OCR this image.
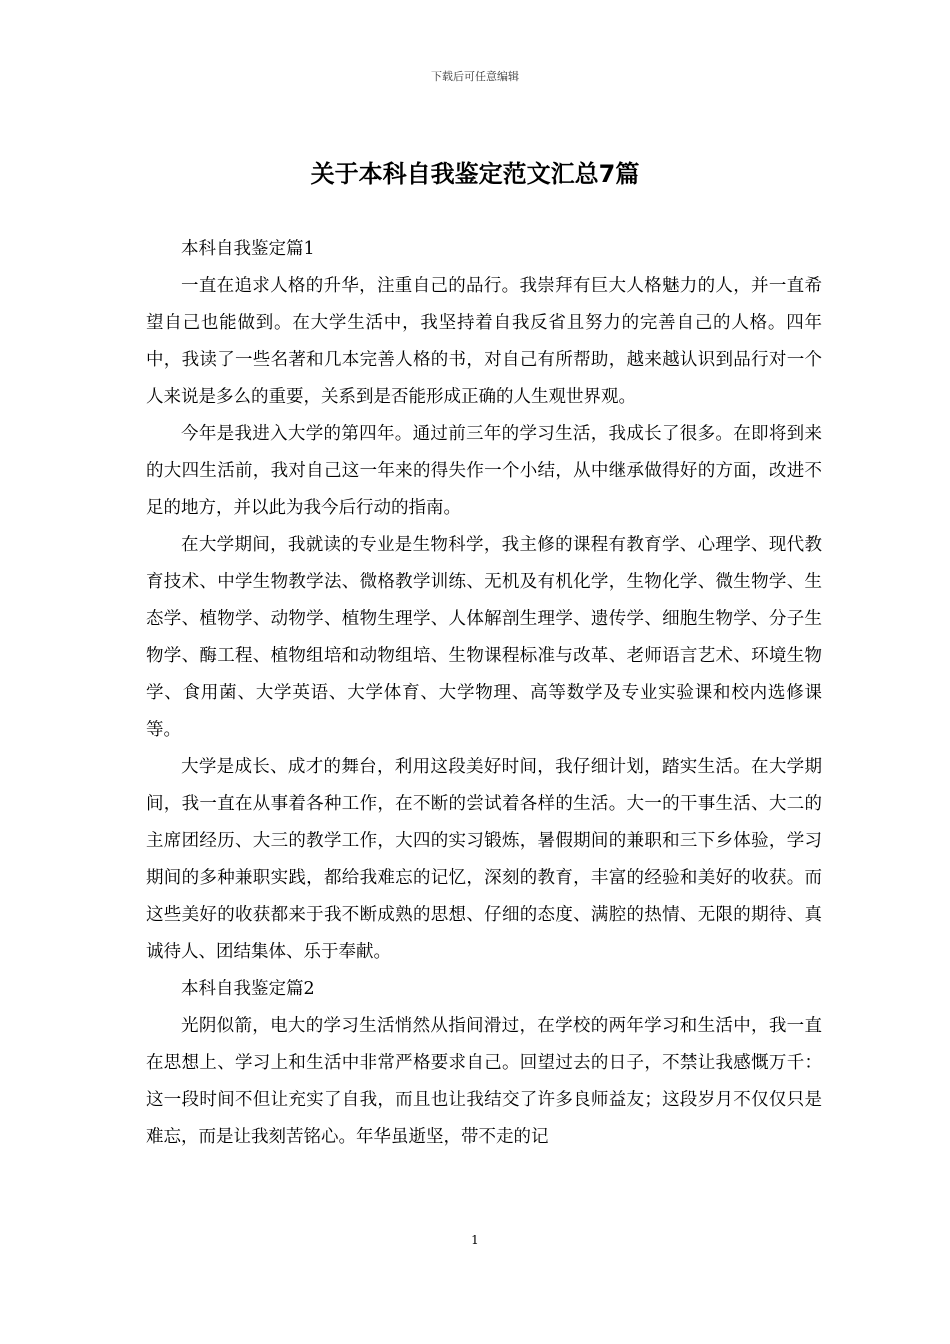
下载后可任意编辑
关于本科自我鉴定范文汇总7篇

本科自我鉴定篇1

一直在追求人格的升华，注重自己的品行。我崇拜有巨大人格魅力的人，并一直希望自己也能做到。在大学生活中，我坚持着自我反省且努力的完善自己的人格。四年中，我读了一些名著和几本完善人格的书，对自己有所帮助，越来越认识到品行对一个人来说是多么的重要，关系到是否能形成正确的人生观世界观。

今年是我进入大学的第四年。通过前三年的学习生活，我成长了很多。在即将到来的大四生活前，我对自己这一年来的得失作一个小结，从中继承做得好的方面，改进不足的地方，并以此为我今后行动的指南。

在大学期间，我就读的专业是生物科学，我主修的课程有教育学、心理学、现代教育技术、中学生物教学法、微格教学训练、无机及有机化学，生物化学、微生物学、生态学、植物学、动物学、植物生理学、人体解剖生理学、遗传学、细胞生物学、分子生物学、酶工程、植物组培和动物组培、生物课程标准与改革、老师语言艺术、环境生物学、食用菌、大学英语、大学体育、大学物理、高等数学及专业实验课和校内选修课等。

大学是成长、成才的舞台，利用这段美好时间，我仔细计划，踏实生活。在大学期间，我一直在从事着各种工作，在不断的尝试着各样的生活。大一的干事生活、大二的主席团经历、大三的教学工作，大四的实习锻炼，暑假期间的兼职和三下乡体验，学习期间的多种兼职实践，都给我难忘的记忆，深刻的教育，丰富的经验和美好的收获。而这些美好的收获都来于我不断成熟的思想、仔细的态度、满腔的热情、无限的期待、真诚待人、团结集体、乐于奉献。

本科自我鉴定篇2

光阴似箭，电大的学习生活悄然从指间滑过，在学校的两年学习和生活中，我一直在思想上、学习上和生活中非常严格要求自己。回望过去的日子，不禁让我感慨万千：这一段时间不但让充实了自我，而且也让我结交了许多良师益友；这段岁月不仅仅只是难忘，而是让我刻苦铭心。年华虽逝坚，带不走的记

1
